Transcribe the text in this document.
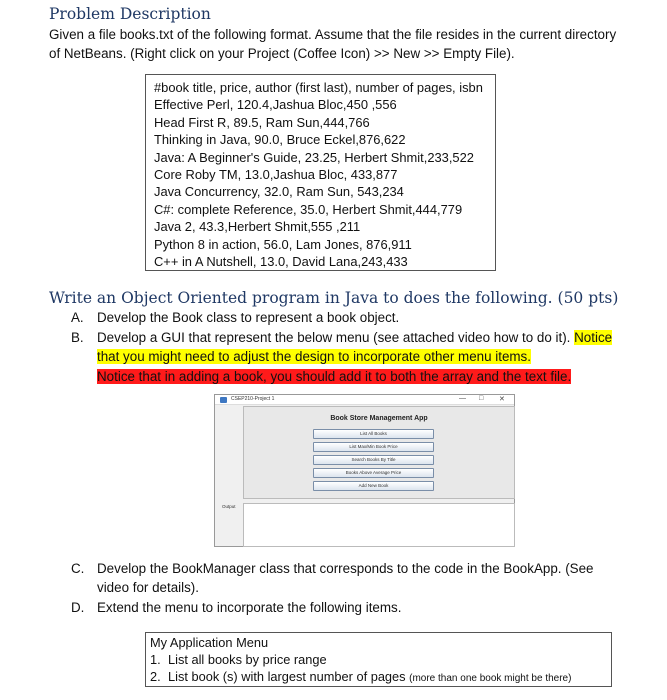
Problem Description
Given a file books.txt of the following format. Assume that the file resides in the current directory of NetBeans. (Right click on your Project (Coffee Icon) >> New >> Empty File).
#book title, price, author (first last), number of pages, isbn
Effective Perl, 120.4,Jashua Bloc,450 ,556
Head First R, 89.5, Ram Sun,444,766
Thinking in Java, 90.0, Bruce Eckel,876,622
Java: A Beginner's Guide, 23.25, Herbert Shmit,233,522
Core Roby TM, 13.0,Jashua Bloc, 433,877
Java Concurrency, 32.0, Ram Sun, 543,234
C#: complete Reference, 35.0, Herbert Shmit,444,779
Java 2, 43.3,Herbert Shmit,555 ,211
Python 8 in action, 56.0, Lam Jones, 876,911
C++ in A Nutshell, 13.0, David Lana,243,433
Write an Object Oriented program in Java to does the following. (50 pts)
A. Develop the Book class to represent a book object.
B. Develop a GUI that represent the below menu (see attached video how to do it). Notice
that you might need to adjust the design to incorporate other menu items.
Notice that in adding a book, you should add it to both the array and the text file.
CSEP210-Project 1	— □ ✕
Book Store Management App
List All Books
List Max/Min Book Price
Search Books By Title
Books Above Average Price
Add New Book
Output
C. Develop the BookManager class that corresponds to the code in the BookApp. (See
video for details).
D. Extend the menu to incorporate the following items.
My Application Menu
1. List all books by price range
2. List book (s) with largest number of pages (more than one book might be there)
